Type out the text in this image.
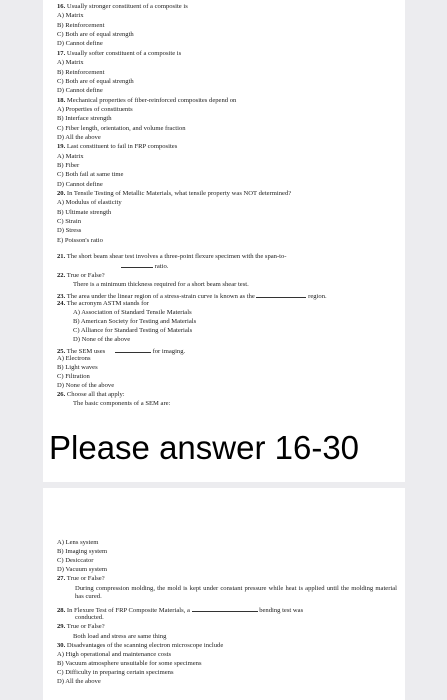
16. Usually stronger constituent of a composite is
A) Matrix
B) Reinforcement
C) Both are of equal strength
D) Cannot define
17. Usually softer constituent of a composite is
A) Matrix
B) Reinforcement
C) Both are of equal strength
D) Cannot define
18. Mechanical properties of fiber-reinforced composites depend on
A) Properties of constituents
B) Interface strength
C) Fiber length, orientation, and volume fraction
D) All the above
19. Last constituent to fail in FRP composites
A) Matrix
B) Fiber
C) Both fail at same time
D) Cannot define
20. In Tensile Testing of Metallic Materials, what tensile property was NOT determined?
A) Modulus of elasticity
B) Ultimate strength
C) Strain
D) Stress
E) Poisson's ratio
21. The short beam shear test involves a three-point flexure specimen with the span-to-
ratio.
22. True or False?
There is a minimum thickness required for a short beam shear test.
23. The area under the linear region of a stress-strain curve is known as the	region.
24. The acronym ASTM stands for
A) Association of Standard Tensile Materials
B) American Society for Testing and Materials
C) Alliance for Standard Testing of Materials
D) None of the above
25. The SEM uses	for imaging.
A) Electrons
B) Light waves
C) Filtration
D) None of the above
26. Choose all that apply:
The basic components of a SEM are:
Please answer 16-30
A) Lens system
B) Imaging system
C) Desiccator
D) Vacuum system
27. True or False?
During compression molding, the mold is kept under constant pressure while heat is applied until the molding material has cured.
28. In Flexure Test of FRP Composite Materials, a	bending test was
conducted.
29. True or False?
Both load and stress are same thing
30. Disadvantages of the scanning electron microscope include
A) High operational and maintenance costs
B) Vacuum atmosphere unsuitable for some specimens
C) Difficulty in preparing certain specimens
D) All the above
